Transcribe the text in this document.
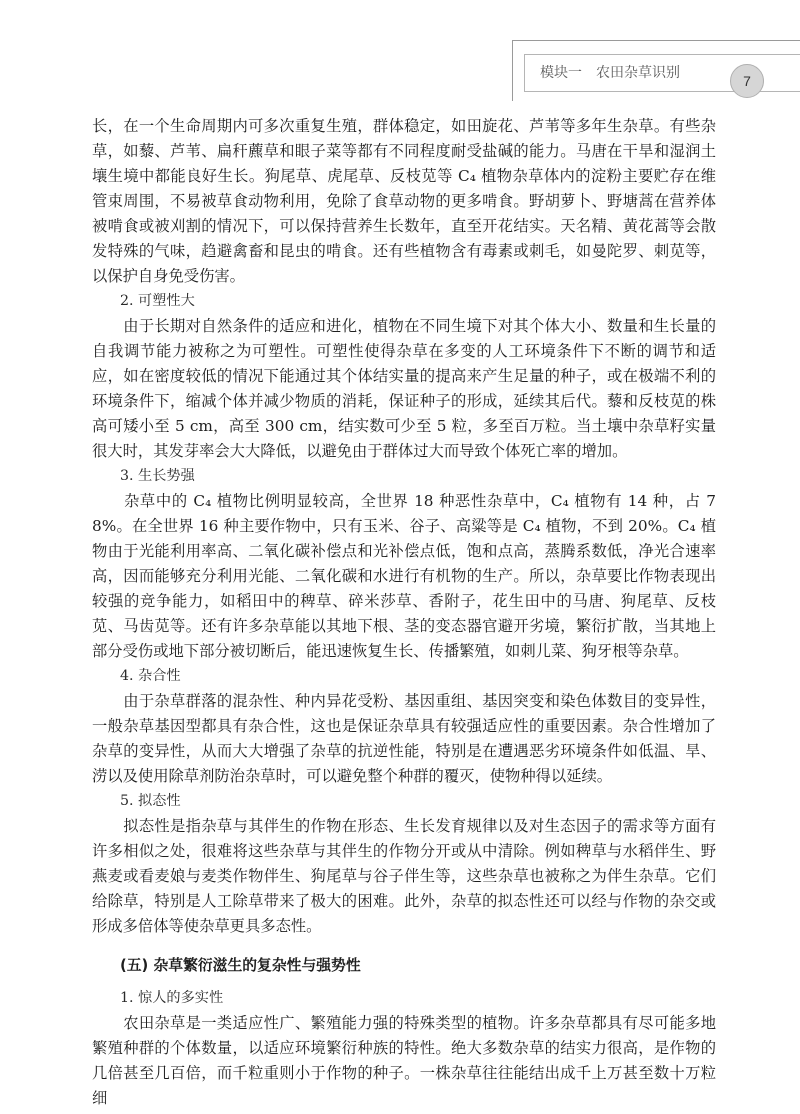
模块一　农田杂草识别	7

长，在一个生命周期内可多次重复生殖，群体稳定，如田旋花、芦苇等多年生杂草。有些杂草，如藜、芦苇、扁秆藨草和眼子菜等都有不同程度耐受盐碱的能力。马唐在干旱和湿润土壤生境中都能良好生长。狗尾草、虎尾草、反枝苋等 C₄ 植物杂草体内的淀粉主要贮存在维管束周围，不易被草食动物利用，免除了食草动物的更多啃食。野胡萝卜、野塘蒿在营养体被啃食或被刈割的情况下，可以保持营养生长数年，直至开花结实。天名精、黄花蒿等会散发特殊的气味，趋避禽畜和昆虫的啃食。还有些植物含有毒素或刺毛，如曼陀罗、刺苋等，以保护自身免受伤害。

2. 可塑性大

　　由于长期对自然条件的适应和进化，植物在不同生境下对其个体大小、数量和生长量的自我调节能力被称之为可塑性。可塑性使得杂草在多变的人工环境条件下不断的调节和适应，如在密度较低的情况下能通过其个体结实量的提高来产生足量的种子，或在极端不利的环境条件下，缩减个体并减少物质的消耗，保证种子的形成，延续其后代。藜和反枝苋的株高可矮小至 5 cm，高至 300 cm，结实数可少至 5 粒，多至百万粒。当土壤中杂草籽实量很大时，其发芽率会大大降低，以避免由于群体过大而导致个体死亡率的增加。

3. 生长势强

　　杂草中的 C₄ 植物比例明显较高，全世界 18 种恶性杂草中，C₄ 植物有 14 种，占 78%。在全世界 16 种主要作物中，只有玉米、谷子、高粱等是 C₄ 植物，不到 20%。C₄ 植物由于光能利用率高、二氧化碳补偿点和光补偿点低，饱和点高，蒸腾系数低，净光合速率高，因而能够充分利用光能、二氧化碳和水进行有机物的生产。所以，杂草要比作物表现出较强的竞争能力，如稻田中的稗草、碎米莎草、香附子，花生田中的马唐、狗尾草、反枝苋、马齿苋等。还有许多杂草能以其地下根、茎的变态器官避开劣境，繁衍扩散，当其地上部分受伤或地下部分被切断后，能迅速恢复生长、传播繁殖，如刺儿菜、狗牙根等杂草。

4. 杂合性

　　由于杂草群落的混杂性、种内异花受粉、基因重组、基因突变和染色体数目的变异性，一般杂草基因型都具有杂合性，这也是保证杂草具有较强适应性的重要因素。杂合性增加了杂草的变异性，从而大大增强了杂草的抗逆性能，特别是在遭遇恶劣环境条件如低温、旱、涝以及使用除草剂防治杂草时，可以避免整个种群的覆灭，使物种得以延续。

5. 拟态性

　　拟态性是指杂草与其伴生的作物在形态、生长发育规律以及对生态因子的需求等方面有许多相似之处，很难将这些杂草与其伴生的作物分开或从中清除。例如稗草与水稻伴生、野燕麦或看麦娘与麦类作物伴生、狗尾草与谷子伴生等，这些杂草也被称之为伴生杂草。它们给除草，特别是人工除草带来了极大的困难。此外，杂草的拟态性还可以经与作物的杂交或形成多倍体等使杂草更具多态性。

(五) 杂草繁衍滋生的复杂性与强势性

1. 惊人的多实性

　　农田杂草是一类适应性广、繁殖能力强的特殊类型的植物。许多杂草都具有尽可能多地繁殖种群的个体数量，以适应环境繁衍种族的特性。绝大多数杂草的结实力很高，是作物的几倍甚至几百倍，而千粒重则小于作物的种子。一株杂草往往能结出成千上万甚至数十万粒细
